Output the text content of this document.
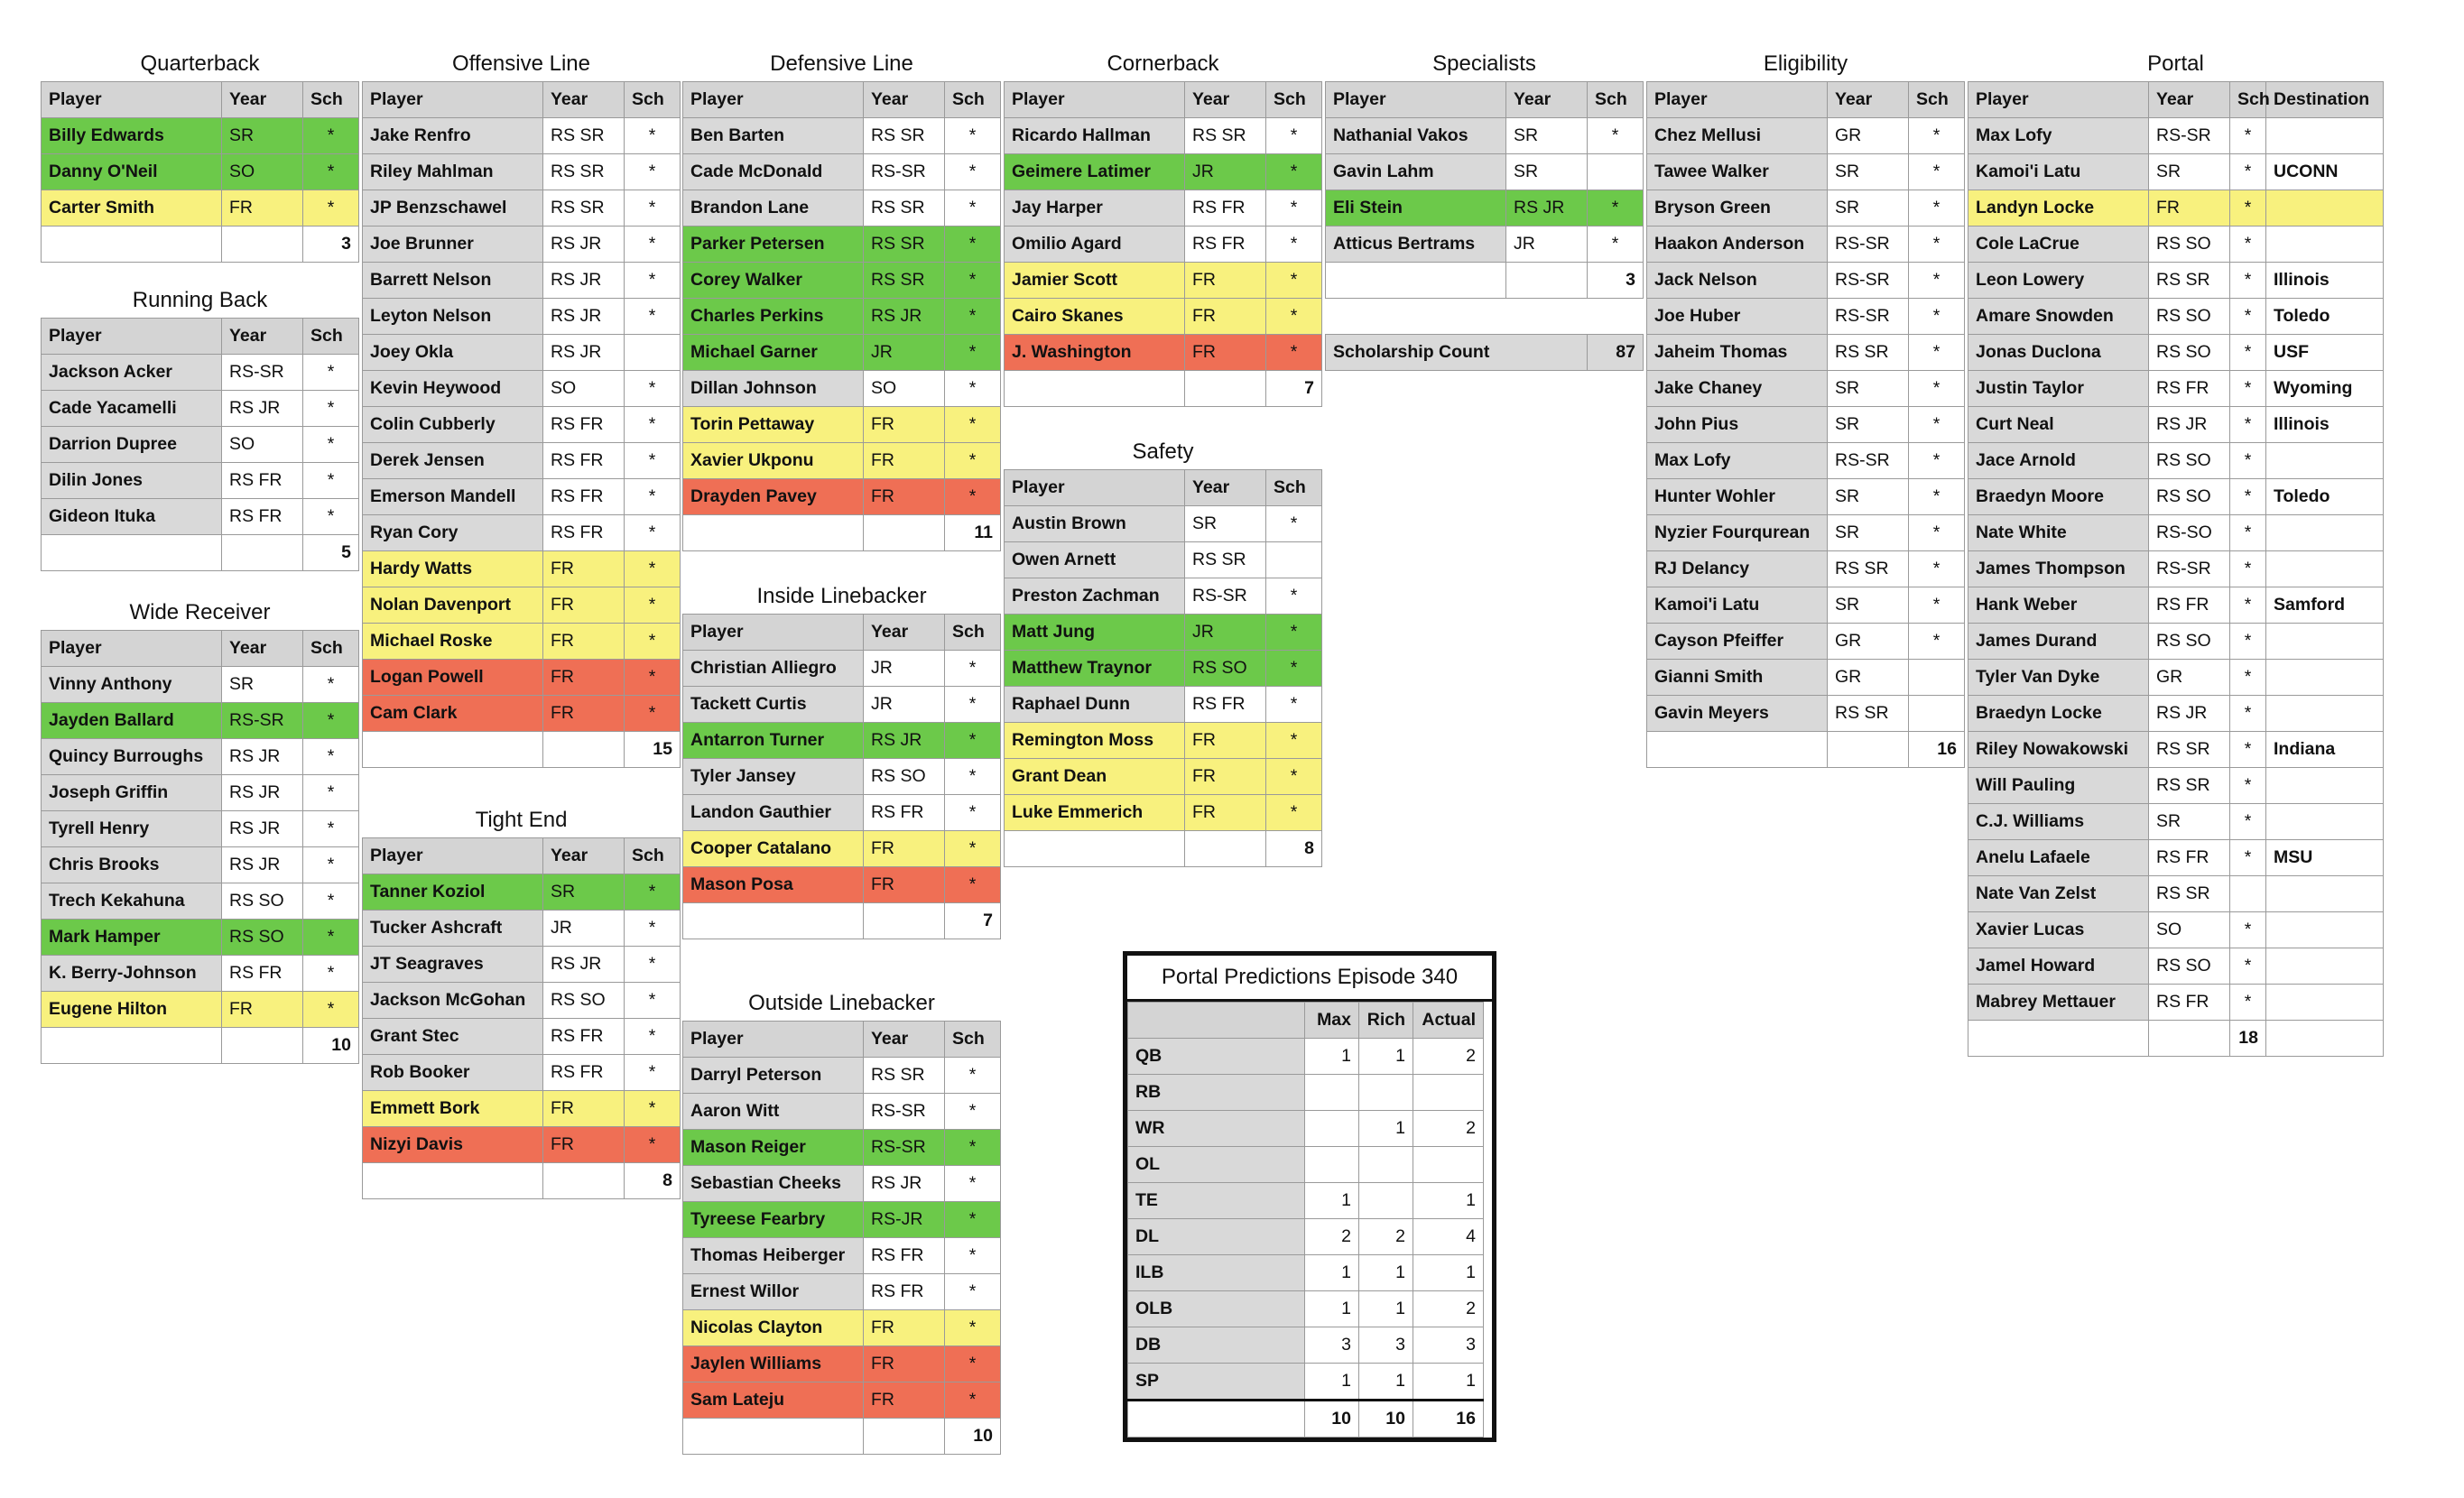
Quarterback
Player	Year	Sch
Billy Edwards	SR	*
Danny O'Neil	SO	*
Carter Smith	FR	*
		3
Running Back
Player	Year	Sch
Jackson Acker	RS-SR	*
Cade Yacamelli	RS JR	*
Darrion Dupree	SO	*
Dilin Jones	RS FR	*
Gideon Ituka	RS FR	*
		5
Wide Receiver
Player	Year	Sch
Vinny Anthony	SR	*
Jayden Ballard	RS-SR	*
Quincy Burroughs	RS JR	*
Joseph Griffin	RS JR	*
Tyrell Henry	RS JR	*
Chris Brooks	RS JR	*
Trech Kekahuna	RS SO	*
Mark Hamper	RS SO	*
K. Berry-Johnson	RS FR	*
Eugene Hilton	FR	*
		10
Offensive Line
Player	Year	Sch
Jake Renfro	RS SR	*
Riley Mahlman	RS SR	*
JP Benzschawel	RS SR	*
Joe Brunner	RS JR	*
Barrett Nelson	RS JR	*
Leyton Nelson	RS JR	*
Joey Okla	RS JR	
Kevin Heywood	SO	*
Colin Cubberly	RS FR	*
Derek Jensen	RS FR	*
Emerson Mandell	RS FR	*
Ryan Cory	RS FR	*
Hardy Watts	FR	*
Nolan Davenport	FR	*
Michael Roske	FR	*
Logan Powell	FR	*
Cam Clark	FR	*
		15
Tight End
Player	Year	Sch
Tanner Koziol	SR	*
Tucker Ashcraft	JR	*
JT Seagraves	RS JR	*
Jackson McGohan	RS SO	*
Grant Stec	RS FR	*
Rob Booker	RS FR	*
Emmett Bork	FR	*
Nizyi Davis	FR	*
		8
Defensive Line
Player	Year	Sch
Ben Barten	RS SR	*
Cade McDonald	RS-SR	*
Brandon Lane	RS SR	*
Parker Petersen	RS SR	*
Corey Walker	RS SR	*
Charles Perkins	RS JR	*
Michael Garner	JR	*
Dillan Johnson	SO	*
Torin Pettaway	FR	*
Xavier Ukponu	FR	*
Drayden Pavey	FR	*
		11
Inside Linebacker
Player	Year	Sch
Christian Alliegro	JR	*
Tackett Curtis	JR	*
Antarron Turner	RS JR	*
Tyler Jansey	RS SO	*
Landon Gauthier	RS FR	*
Cooper Catalano	FR	*
Mason Posa	FR	*
		7
Outside Linebacker
Player	Year	Sch
Darryl Peterson	RS SR	*
Aaron Witt	RS-SR	*
Mason Reiger	RS-SR	*
Sebastian Cheeks	RS JR	*
Tyreese Fearbry	RS-JR	*
Thomas Heiberger	RS FR	*
Ernest Willor	RS FR	*
Nicolas Clayton	FR	*
Jaylen Williams	FR	*
Sam Lateju	FR	*
		10
Cornerback
Player	Year	Sch
Ricardo Hallman	RS SR	*
Geimere Latimer	JR	*
Jay Harper	RS FR	*
Omilio Agard	RS FR	*
Jamier Scott	FR	*
Cairo Skanes	FR	*
J. Washington	FR	*
		7
Safety
Player	Year	Sch
Austin Brown	SR	*
Owen Arnett	RS SR	
Preston Zachman	RS-SR	*
Matt Jung	JR	*
Matthew Traynor	RS SO	*
Raphael Dunn	RS FR	*
Remington Moss	FR	*
Grant Dean	FR	*
Luke Emmerich	FR	*
		8
Specialists
Player	Year	Sch
Nathanial Vakos	SR	*
Gavin Lahm	SR	
Eli Stein	RS JR	*
Atticus Bertrams	JR	*
		3

Scholarship Count		87
Eligibility
Player	Year	Sch
Chez Mellusi	GR	*
Tawee Walker	SR	*
Bryson Green	SR	*
Haakon Anderson	RS-SR	*
Jack Nelson	RS-SR	*
Joe Huber	RS-SR	*
Jaheim Thomas	RS SR	*
Jake Chaney	SR	*
John Pius	SR	*
Max Lofy	RS-SR	*
Hunter Wohler	SR	*
Nyzier Fourqurean	SR	*
RJ Delancy	RS SR	*
Kamoi'i Latu	SR	*
Cayson Pfeiffer	GR	*
Gianni Smith	GR	
Gavin Meyers	RS SR	
		16
Portal
Player	Year	Sch	Destination
Max Lofy	RS-SR	*	
Kamoi'i Latu	SR	*	UCONN
Landyn Locke	FR	*	
Cole LaCrue	RS SO	*	
Leon Lowery	RS SR	*	Illinois
Amare Snowden	RS SO	*	Toledo
Jonas Duclona	RS SO	*	USF
Justin Taylor	RS FR	*	Wyoming
Curt Neal	RS JR	*	Illinois
Jace Arnold	RS SO	*	
Braedyn Moore	RS SO	*	Toledo
Nate White	RS-SO	*	
James Thompson	RS-SR	*	
Hank Weber	RS FR	*	Samford
James Durand	RS SO	*	
Tyler Van Dyke	GR	*	
Braedyn Locke	RS JR	*	
Riley Nowakowski	RS SR	*	Indiana
Will Pauling	RS SR	*	
C.J. Williams	SR	*	
Anelu Lafaele	RS FR	*	MSU
Nate Van Zelst	RS SR		
Xavier Lucas	SO	*	
Jamel Howard	RS SO	*	
Mabrey Mettauer	RS FR	*	
		18	
Portal Predictions Episode 340
	Max	Rich	Actual
QB	1	1	2
RB			
WR		1	2
OL			
TE	1		1
DL	2	2	4
ILB	1	1	1
OLB	1	1	2
DB	3	3	3
SP	1	1	1
	10	10	16
